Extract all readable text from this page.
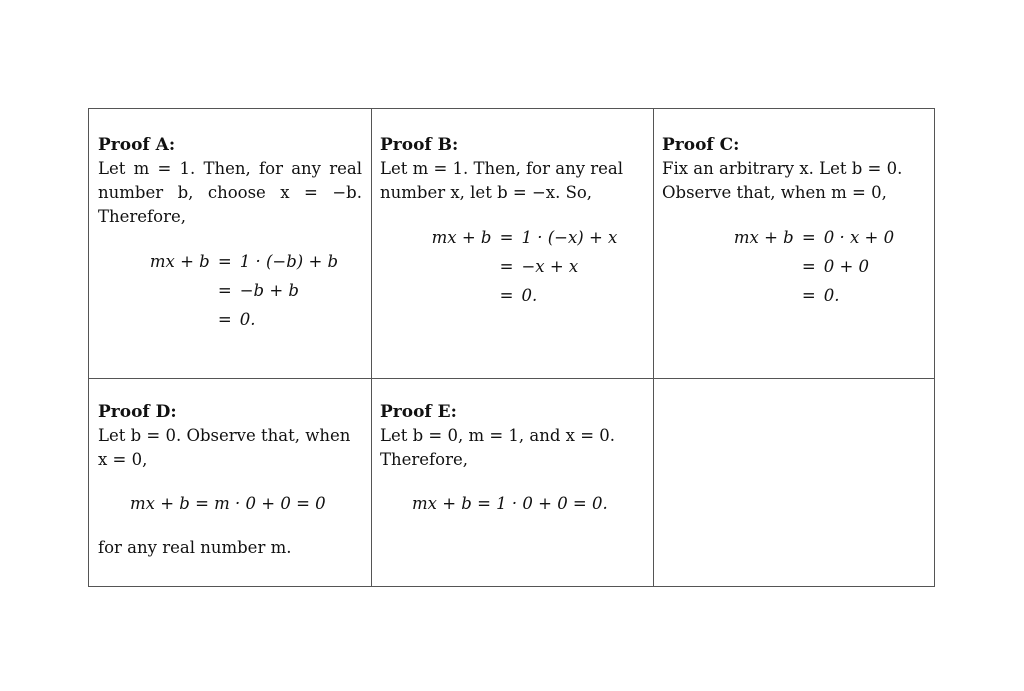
Proof A:

Let m = 1. Then, for any real number b, choose x = −b. Therefore,

mx + b = 1 · (−b) + b
= −b + b
= 0.
Proof B:

Let m = 1. Then, for any real number x, let b = −x. So,

mx + b = 1 · (−x) + x
= −x + x
= 0.
Proof C:

Fix an arbitrary x. Let b = 0. Observe that, when m = 0,

mx + b = 0 · x + 0
= 0 + 0
= 0.
Proof D:

Let b = 0. Observe that, when x = 0,

mx + b = m · 0 + 0 = 0

for any real number m.

Proof E:

Let b = 0, m = 1, and x = 0. Therefore,

mx + b = 1 · 0 + 0 = 0.
